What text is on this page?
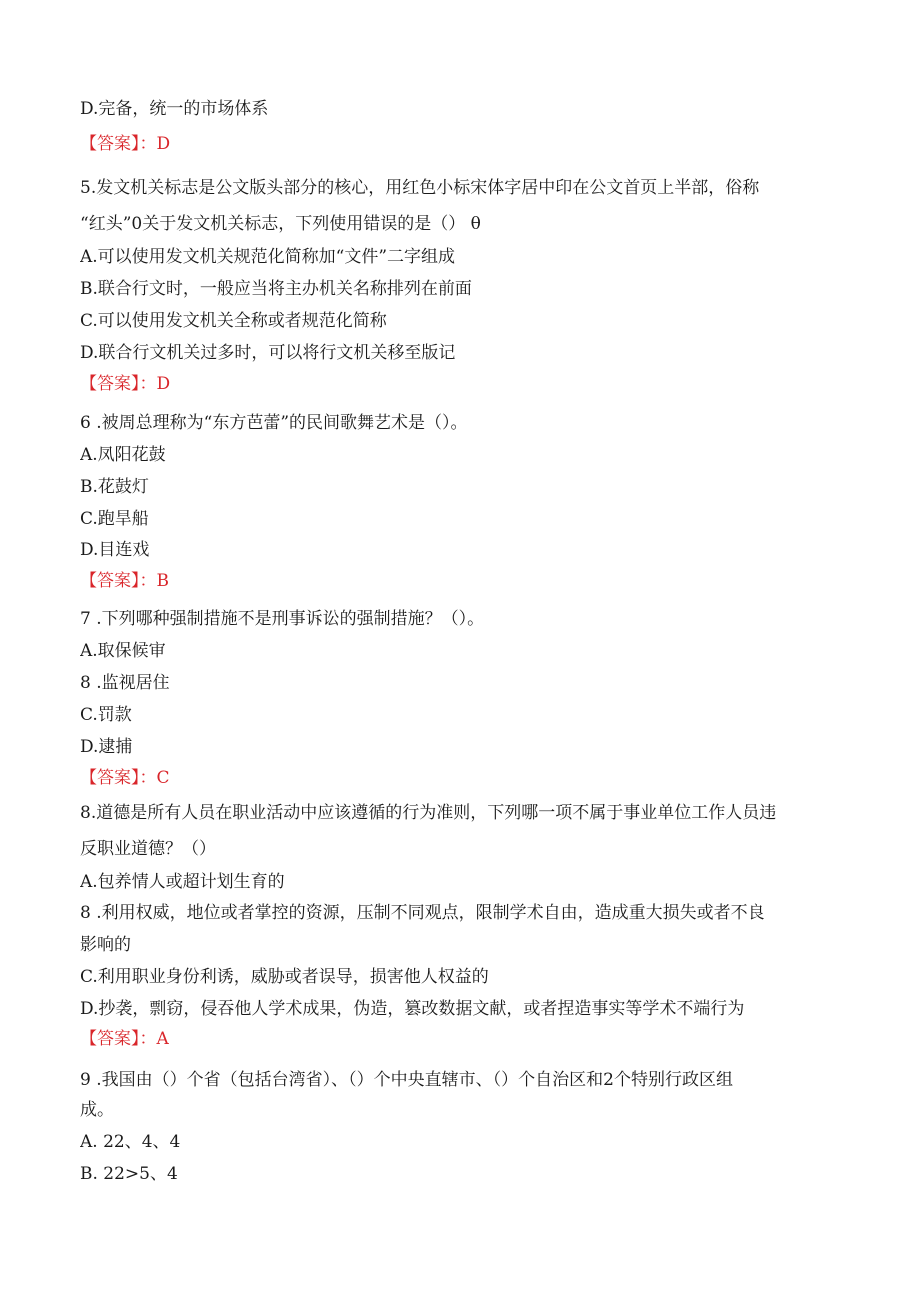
D.完备，统一的市场体系
【答案】：D
5.发文机关标志是公文版头部分的核心，用红色小标宋体字居中印在公文首页上半部，俗称
“红头”0关于发文机关标志，下列使用错误的是（） θ
A.可以使用发文机关规范化简称加“文件”二字组成
B.联合行文时，一般应当将主办机关名称排列在前面
C.可以使用发文机关全称或者规范化简称
D.联合行文机关过多时，可以将行文机关移至版记
【答案】：D
6 .被周总理称为“东方芭蕾”的民间歌舞艺术是（）。
A.凤阳花鼓
B.花鼓灯
C.跑旱船
D.目连戏
【答案】：B
7 .下列哪种强制措施不是刑事诉讼的强制措施？（）。
A.取保候审
8 .监视居住
C.罚款
D.逮捕
【答案】：C
8.道德是所有人员在职业活动中应该遵循的行为准则，下列哪一项不属于事业单位工作人员违
反职业道德？（）
A.包养情人或超计划生育的
8 .利用权威，地位或者掌控的资源，压制不同观点，限制学术自由，造成重大损失或者不良
影响的
C.利用职业身份利诱，威胁或者误导，损害他人权益的
D.抄袭，剽窃，侵吞他人学术成果，伪造，篡改数据文献，或者捏造事实等学术不端行为
【答案】：A
9 .我国由（）个省（包括台湾省）、（）个中央直辖市、（）个自治区和2个特别行政区组
成。
A. 22、4、4
B. 22>5、4
